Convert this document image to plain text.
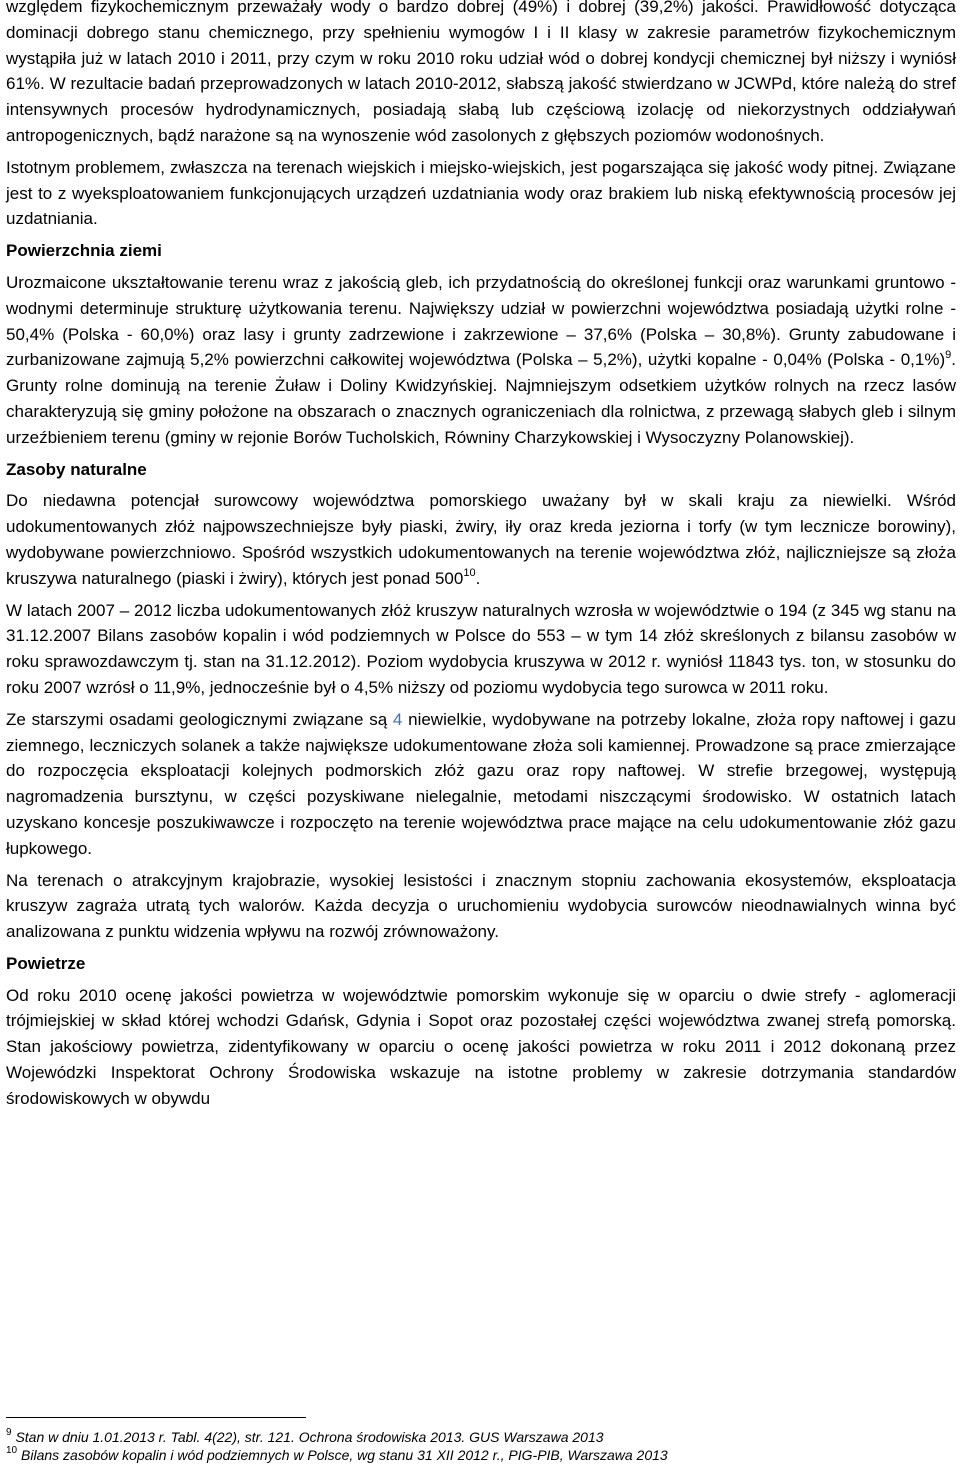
względem fizykochemicznym przeważały wody o bardzo dobrej (49%) i dobrej (39,2%) jakości. Prawidłowość dotycząca dominacji dobrego stanu chemicznego, przy spełnieniu wymogów I i II klasy w zakresie parametrów fizykochemicznym wystąpiła już w latach 2010 i 2011, przy czym w roku 2010 roku udział wód o dobrej kondycji chemicznej był niższy i wyniósł 61%. W rezultacie badań przeprowadzonych w latach 2010-2012, słabszą jakość stwierdzano w JCWPd, które należą do stref intensywnych procesów hydrodynamicznych, posiadają słabą lub częściową izolację od niekorzystnych oddziaływań antropogenicznych, bądź narażone są na wynoszenie wód zasolonych z głębszych poziomów wodonośnych.

Istotnym problemem, zwłaszcza na terenach wiejskich i miejsko-wiejskich, jest pogarszająca się jakość wody pitnej. Związane jest to z wyeksploatowaniem funkcjonujących urządzeń uzdatniania wody oraz brakiem lub niską efektywnością procesów jej uzdatniania.

Powierzchnia ziemi

Urozmaicone ukształtowanie terenu wraz z jakością gleb, ich przydatnością do określonej funkcji oraz warunkami gruntowo - wodnymi determinuje strukturę użytkowania terenu. Największy udział w powierzchni województwa posiadają użytki rolne - 50,4% (Polska - 60,0%) oraz lasy i grunty zadrzewione i zakrzewione – 37,6% (Polska – 30,8%). Grunty zabudowane i zurbanizowane zajmują 5,2% powierzchni całkowitej województwa (Polska – 5,2%), użytki kopalne - 0,04% (Polska - 0,1%)$^9$. Grunty rolne dominują na terenie Żuław i Doliny Kwidzyńskiej. Najmniejszym odsetkiem użytków rolnych na rzecz lasów charakteryzują się gminy położone na obszarach o znacznych ograniczeniach dla rolnictwa, z przewagą słabych gleb i silnym urzeźbieniem terenu (gminy w rejonie Borów Tucholskich, Równiny Charzykowskiej i Wysoczyzny Polanowskiej).

Zasoby naturalne

Do niedawna potencjał surowcowy województwa pomorskiego uważany był w skali kraju za niewielki. Wśród udokumentowanych złóż najpowszechniejsze były piaski, żwiry, iły oraz kreda jeziorna i torfy (w tym lecznicze borowiny), wydobywane powierzchniowo. Spośród wszystkich udokumentowanych na terenie województwa złóż, najliczniejsze są złoża kruszywa naturalnego (piaski i żwiry), których jest ponad $500^{10}$.

W latach 2007 – 2012 liczba udokumentowanych złóż kruszyw naturalnych wzrosła w województwie o 194 (z 345 wg stanu na 31.12.2007 Bilans zasobów kopalin i wód podziemnych w Polsce do 553 – w tym 14 złóż skreślonych z bilansu zasobów w roku sprawozdawczym tj. stan na 31.12.2012). Poziom wydobycia kruszywa w 2012 r. wyniósł 11843 tys. ton, w stosunku do roku 2007 wzrósł o 11,9%, jednocześnie był o 4,5% niższy od poziomu wydobycia tego surowca w 2011 roku.

Ze starszymi osadami geologicznymi związane są 4 niewielkie, wydobywane na potrzeby lokalne, złoża ropy naftowej i gazu ziemnego, leczniczych solanek a także największe udokumentowane złoża soli kamiennej. Prowadzone są prace zmierzające do rozpoczęcia eksploatacji kolejnych podmorskich złóż gazu oraz ropy naftowej. W strefie brzegowej, występują nagromadzenia bursztynu, w części pozyskiwane nielegalnie, metodami niszczącymi środowisko. W ostatnich latach uzyskano koncesje poszukiwawcze i rozpoczęto na terenie województwa prace mające na celu udokumentowanie złóż gazu łupkowego.

Na terenach o atrakcyjnym krajobrazie, wysokiej lesistości i znacznym stopniu zachowania ekosystemów, eksploatacja kruszyw zagraża utratą tych walorów. Każda decyzja o uruchomieniu wydobycia surowców nieodnawialnych winna być analizowana z punktu widzenia wpływu na rozwój zrównoważony.

Powietrze

Od roku 2010 ocenę jakości powietrza w województwie pomorskim wykonuje się w oparciu o dwie strefy - aglomeracji trójmiejskiej w skład której wchodzi Gdańsk, Gdynia i Sopot oraz pozostałej części województwa zwanej strefą pomorską. Stan jakościowy powietrza, zidentyfikowany w oparciu o ocenę jakości powietrza w roku 2011 i 2012 dokonaną przez Wojewódzki Inspektorat Ochrony Środowiska wskazuje na istotne problemy w zakresie dotrzymania standardów środowiskowych w obywdu

$^9$ Stan w dniu 1.01.2013 r. Tabl. 4(22), str. 121. Ochrona środowiska 2013. GUS Warszawa 2013

$^{10}$ Bilans zasobów kopalin i wód podziemnych w Polsce, wg stanu 31 XII 2012 r., PIG-PIB, Warszawa 2013
